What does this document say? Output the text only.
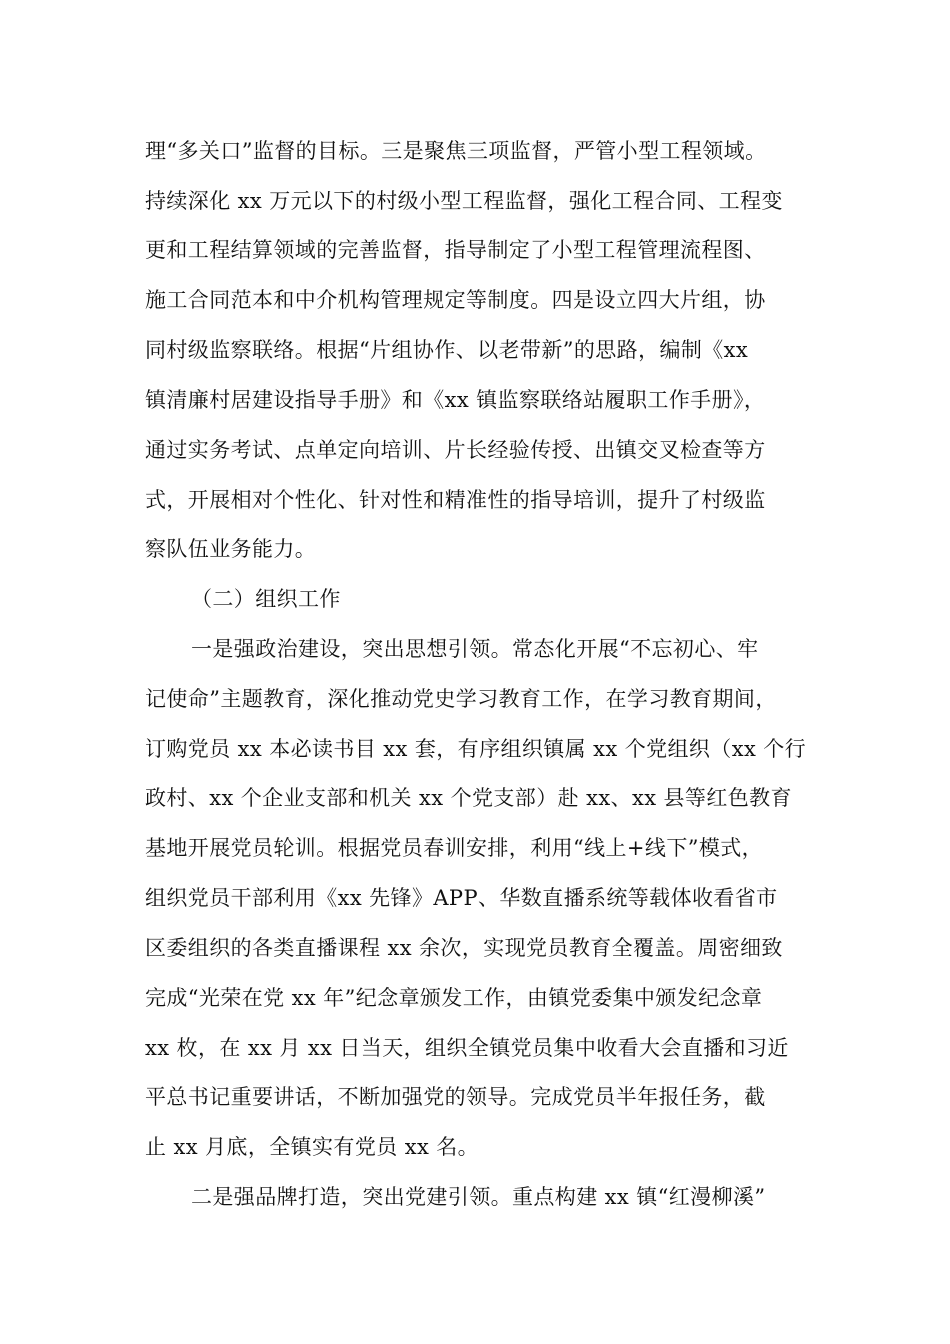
理“多关口”监督的目标。三是聚焦三项监督，严管小型工程领域。

持续深化 xx 万元以下的村级小型工程监督，强化工程合同、工程变

更和工程结算领域的完善监督，指导制定了小型工程管理流程图、

施工合同范本和中介机构管理规定等制度。四是设立四大片组，协

同村级监察联络。根据“片组协作、以老带新”的思路，编制《xx

镇清廉村居建设指导手册》和《xx 镇监察联络站履职工作手册》，

通过实务考试、点单定向培训、片长经验传授、出镇交叉检查等方

式，开展相对个性化、针对性和精准性的指导培训，提升了村级监

察队伍业务能力。

（二）组织工作

一是强政治建设，突出思想引领。常态化开展“不忘初心、牢

记使命”主题教育，深化推动党史学习教育工作，在学习教育期间，

订购党员 xx 本必读书目 xx 套，有序组织镇属 xx 个党组织（xx 个行

政村、xx 个企业支部和机关 xx 个党支部）赴 xx、xx 县等红色教育

基地开展党员轮训。根据党员春训安排，利用“线上+线下”模式，

组织党员干部利用《xx 先锋》APP、华数直播系统等载体收看省市

区委组织的各类直播课程 xx 余次，实现党员教育全覆盖。周密细致

完成“光荣在党 xx 年”纪念章颁发工作，由镇党委集中颁发纪念章

xx 枚，在 xx 月 xx 日当天，组织全镇党员集中收看大会直播和习近

平总书记重要讲话，不断加强党的领导。完成党员半年报任务，截

止 xx 月底，全镇实有党员 xx 名。

二是强品牌打造，突出党建引领。重点构建 xx 镇“红漫柳溪”
